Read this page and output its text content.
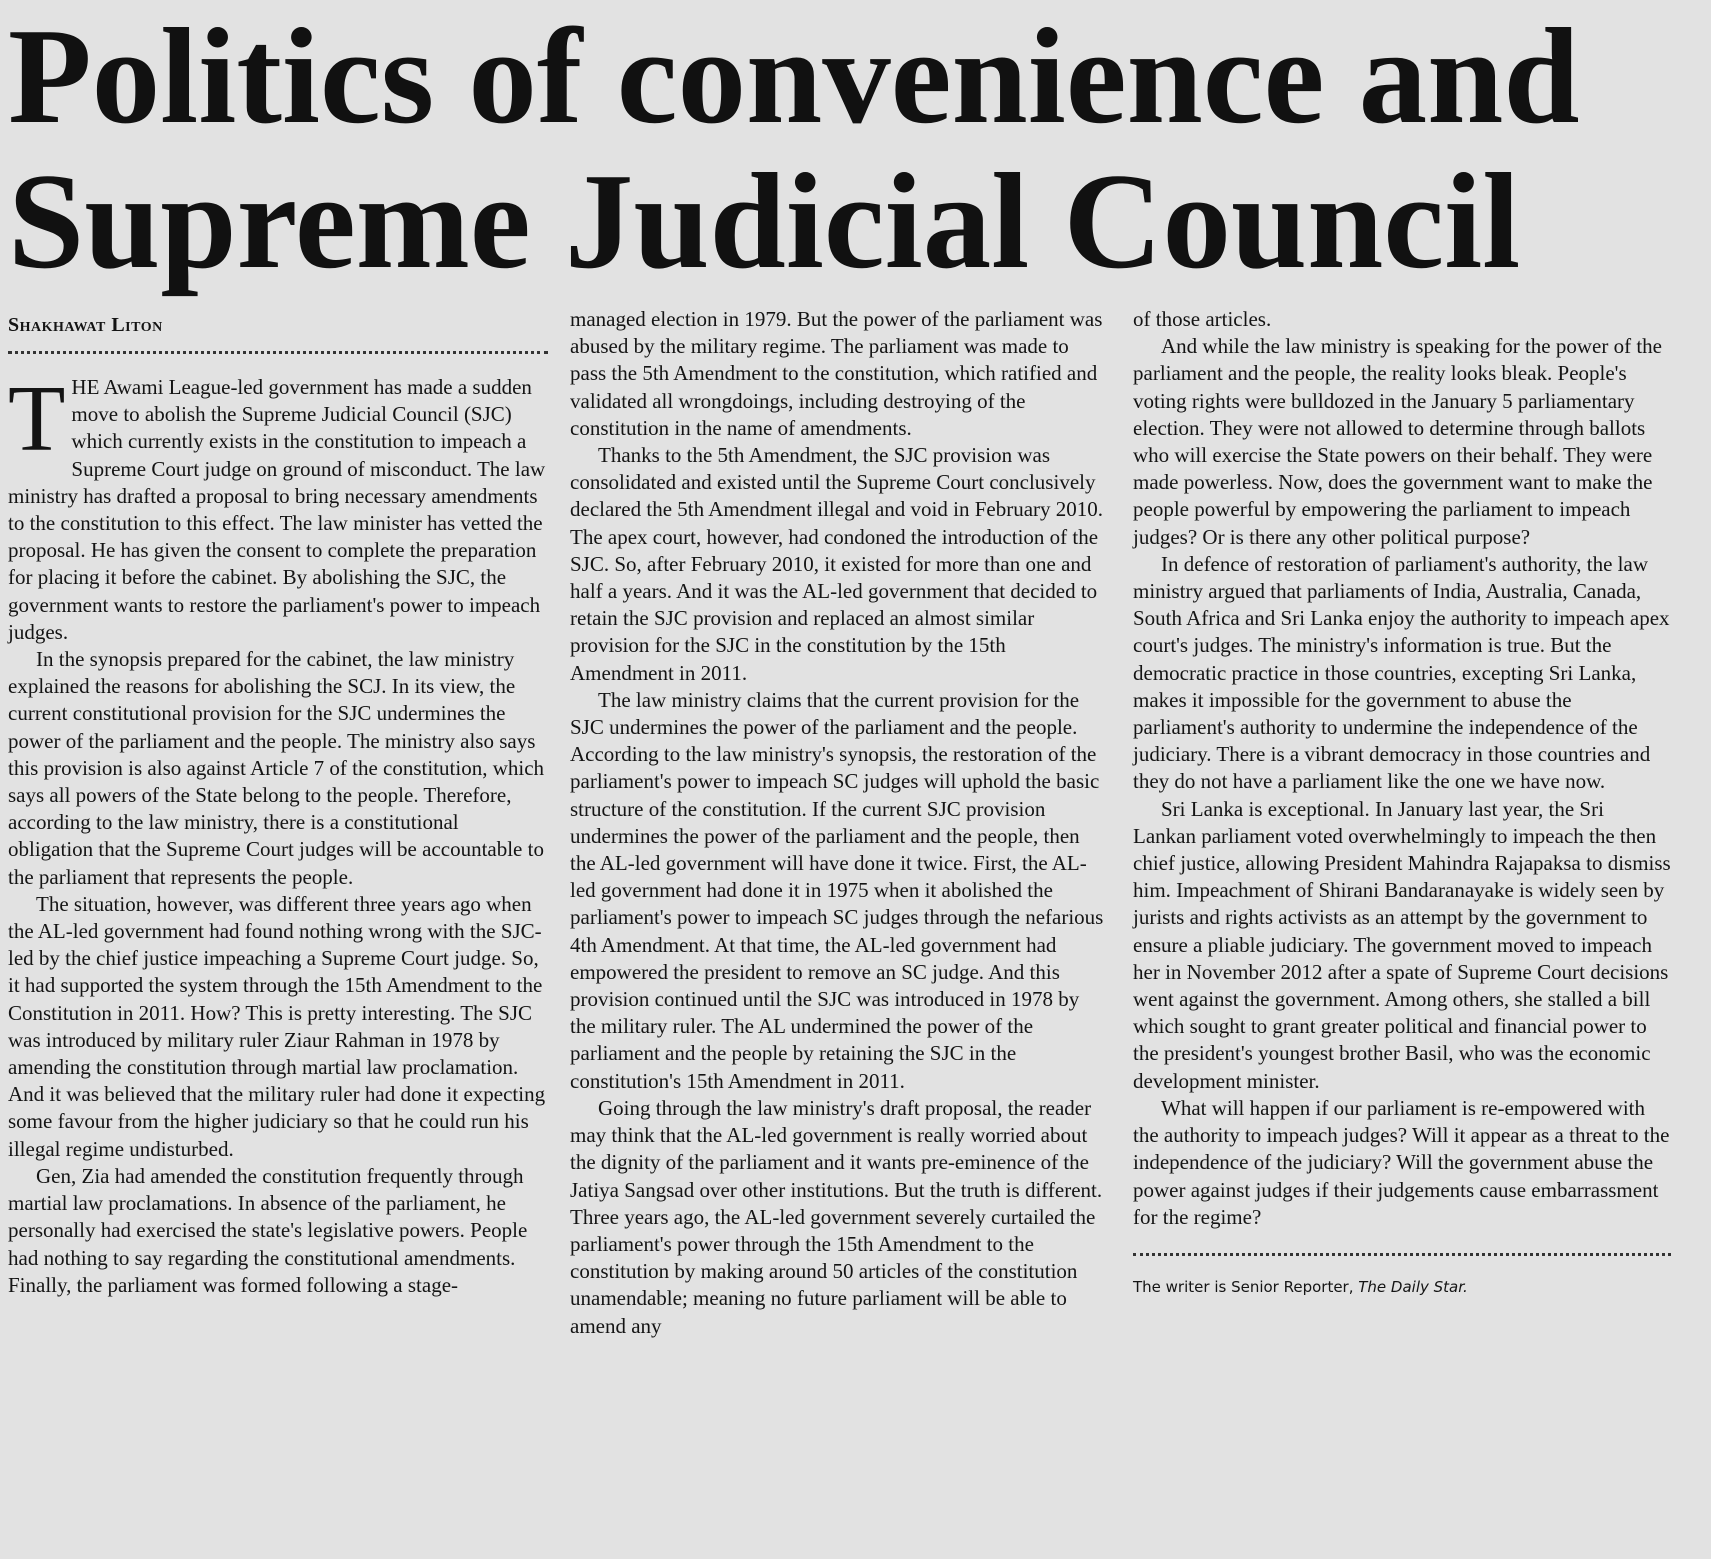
Politics of convenience and
Supreme Judicial Council
Shakhawat Liton

THE Awami League-led government has made a sudden move to abolish the Supreme Judicial Council (SJC) which currently exists in the constitution to impeach a Supreme Court judge on ground of misconduct. The law ministry has drafted a proposal to bring necessary amendments to the constitution to this effect. The law minister has vetted the proposal. He has given the consent to complete the preparation for placing it before the cabinet. By abolishing the SJC, the government wants to restore the parliament's power to impeach judges.

In the synopsis prepared for the cabinet, the law ministry explained the reasons for abolishing the SCJ. In its view, the current constitutional provision for the SJC undermines the power of the parliament and the people. The ministry also says this provision is also against Article 7 of the constitution, which says all powers of the State belong to the people. Therefore, according to the law ministry, there is a constitutional obligation that the Supreme Court judges will be accountable to the parliament that represents the people.

The situation, however, was different three years ago when the AL-led government had found nothing wrong with the SJC-led by the chief justice impeaching a Supreme Court judge. So, it had supported the system through the 15th Amendment to the Constitution in 2011. How? This is pretty interesting. The SJC was introduced by military ruler Ziaur Rahman in 1978 by amending the constitution through martial law proclamation. And it was believed that the military ruler had done it expecting some favour from the higher judiciary so that he could run his illegal regime undisturbed.

Gen, Zia had amended the constitution frequently through martial law proclamations. In absence of the parliament, he personally had exercised the state's legislative powers. People had nothing to say regarding the constitutional amendments. Finally, the parliament was formed following a stage-

managed election in 1979. But the power of the parliament was abused by the military regime. The parliament was made to pass the 5th Amendment to the constitution, which ratified and validated all wrongdoings, including destroying of the constitution in the name of amendments.

Thanks to the 5th Amendment, the SJC provision was consolidated and existed until the Supreme Court conclusively declared the 5th Amendment illegal and void in February 2010. The apex court, however, had condoned the introduction of the SJC. So, after February 2010, it existed for more than one and half a years. And it was the AL-led government that decided to retain the SJC provision and replaced an almost similar provision for the SJC in the constitution by the 15th Amendment in 2011.

The law ministry claims that the current provision for the SJC undermines the power of the parliament and the people. According to the law ministry's synopsis, the restoration of the parliament's power to impeach SC judges will uphold the basic structure of the constitution. If the current SJC provision undermines the power of the parliament and the people, then the AL-led government will have done it twice. First, the AL-led government had done it in 1975 when it abolished the parliament's power to impeach SC judges through the nefarious 4th Amendment. At that time, the AL-led government had empowered the president to remove an SC judge. And this provision continued until the SJC was introduced in 1978 by the military ruler. The AL undermined the power of the parliament and the people by retaining the SJC in the constitution's 15th Amendment in 2011.

Going through the law ministry's draft proposal, the reader may think that the AL-led government is really worried about the dignity of the parliament and it wants pre-eminence of the Jatiya Sangsad over other institutions. But the truth is different. Three years ago, the AL-led government severely curtailed the parliament's power through the 15th Amendment to the constitution by making around 50 articles of the constitution unamendable; meaning no future parliament will be able to amend any

of those articles.

And while the law ministry is speaking for the power of the parliament and the people, the reality looks bleak. People's voting rights were bulldozed in the January 5 parliamentary election. They were not allowed to determine through ballots who will exercise the State powers on their behalf. They were made powerless. Now, does the government want to make the people powerful by empowering the parliament to impeach judges? Or is there any other political purpose?

In defence of restoration of parliament's authority, the law ministry argued that parliaments of India, Australia, Canada, South Africa and Sri Lanka enjoy the authority to impeach apex court's judges. The ministry's information is true. But the democratic practice in those countries, excepting Sri Lanka, makes it impossible for the government to abuse the parliament's authority to undermine the independence of the judiciary. There is a vibrant democracy in those countries and they do not have a parliament like the one we have now.

Sri Lanka is exceptional. In January last year, the Sri Lankan parliament voted overwhelmingly to impeach the then chief justice, allowing President Mahindra Rajapaksa to dismiss him. Impeachment of Shirani Bandaranayake is widely seen by jurists and rights activists as an attempt by the government to ensure a pliable judiciary. The government moved to impeach her in November 2012 after a spate of Supreme Court decisions went against the government. Among others, she stalled a bill which sought to grant greater political and financial power to the president's youngest brother Basil, who was the economic development minister.

What will happen if our parliament is re-empowered with the authority to impeach judges? Will it appear as a threat to the independence of the judiciary? Will the government abuse the power against judges if their judgements cause embarrassment for the regime?

The writer is Senior Reporter, The Daily Star.
